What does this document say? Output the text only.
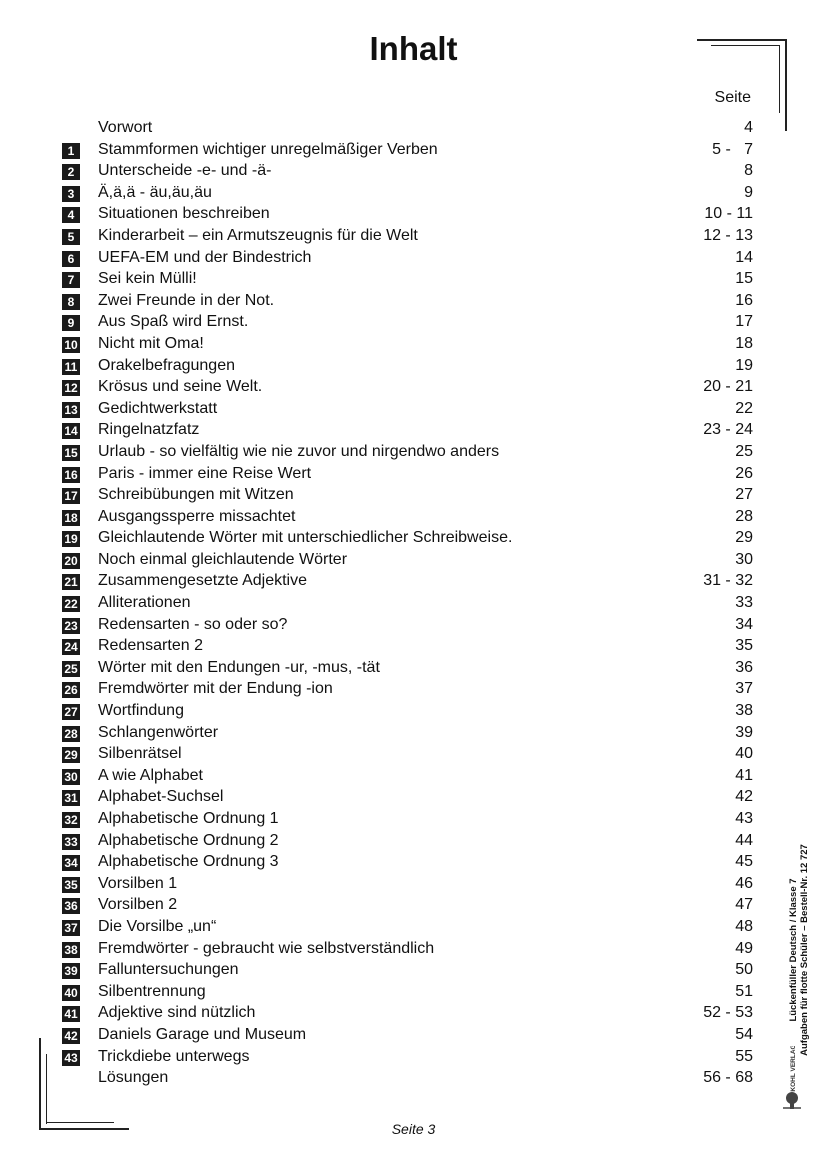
Inhalt
Seite
Vorwort	4
1	Stammformen wichtiger unregelmäßiger Verben	5 -   7
2	Unterscheide -e- und -ä-	8
3	Ä,ä,ä - äu,äu,äu	9
4	Situationen beschreiben	10 - 11
5	Kinderarbeit – ein Armutszeugnis für die Welt	12 - 13
6	UEFA-EM und der Bindestrich	14
7	Sei kein Mülli!	15
8	Zwei Freunde in der Not.	16
9	Aus Spaß wird Ernst.	17
10 Nicht mit Oma!	18
11 Orakelbefragungen	19
12 Krösus und seine Welt.	20 - 21
13 Gedichtwerkstatt	22
14 Ringelnatzfatz	23 - 24
15 Urlaub - so vielfältig wie nie zuvor und nirgendwo anders	25
16 Paris - immer eine Reise Wert	26
17 Schreibübungen mit Witzen	27
18 Ausgangssperre missachtet	28
19 Gleichlautende Wörter mit unterschiedlicher Schreibweise.	29
20 Noch einmal gleichlautende Wörter	30
21 Zusammengesetzte Adjektive	31 - 32
22 Alliterationen	33
23 Redensarten - so oder so?	34
24 Redensarten 2	35
25 Wörter mit den Endungen -ur, -mus, -tät	36
26 Fremdwörter mit der Endung -ion	37
27 Wortfindung	38
28 Schlangenwörter	39
29 Silbenrätsel	40
30 A wie Alphabet	41
31 Alphabet-Suchsel	42
32 Alphabetische Ordnung 1	43
33 Alphabetische Ordnung 2	44
34 Alphabetische Ordnung 3	45
35 Vorsilben 1	46
36 Vorsilben 2	47
37 Die Vorsilbe „un“	48
38 Fremdwörter - gebraucht wie selbstverständlich	49
39 Falluntersuchungen	50
40 Silbentrennung	51
41 Adjektive sind nützlich	52 - 53
42 Daniels Garage und Museum	54
43 Trickdiebe unterwegs	55
Lösungen	56 - 68
Lückenfüller Deutsch / Klasse 7 Aufgaben für flotte Schüler – Bestell-Nr. 12 727
KOHL VERLAG
Seite 3
